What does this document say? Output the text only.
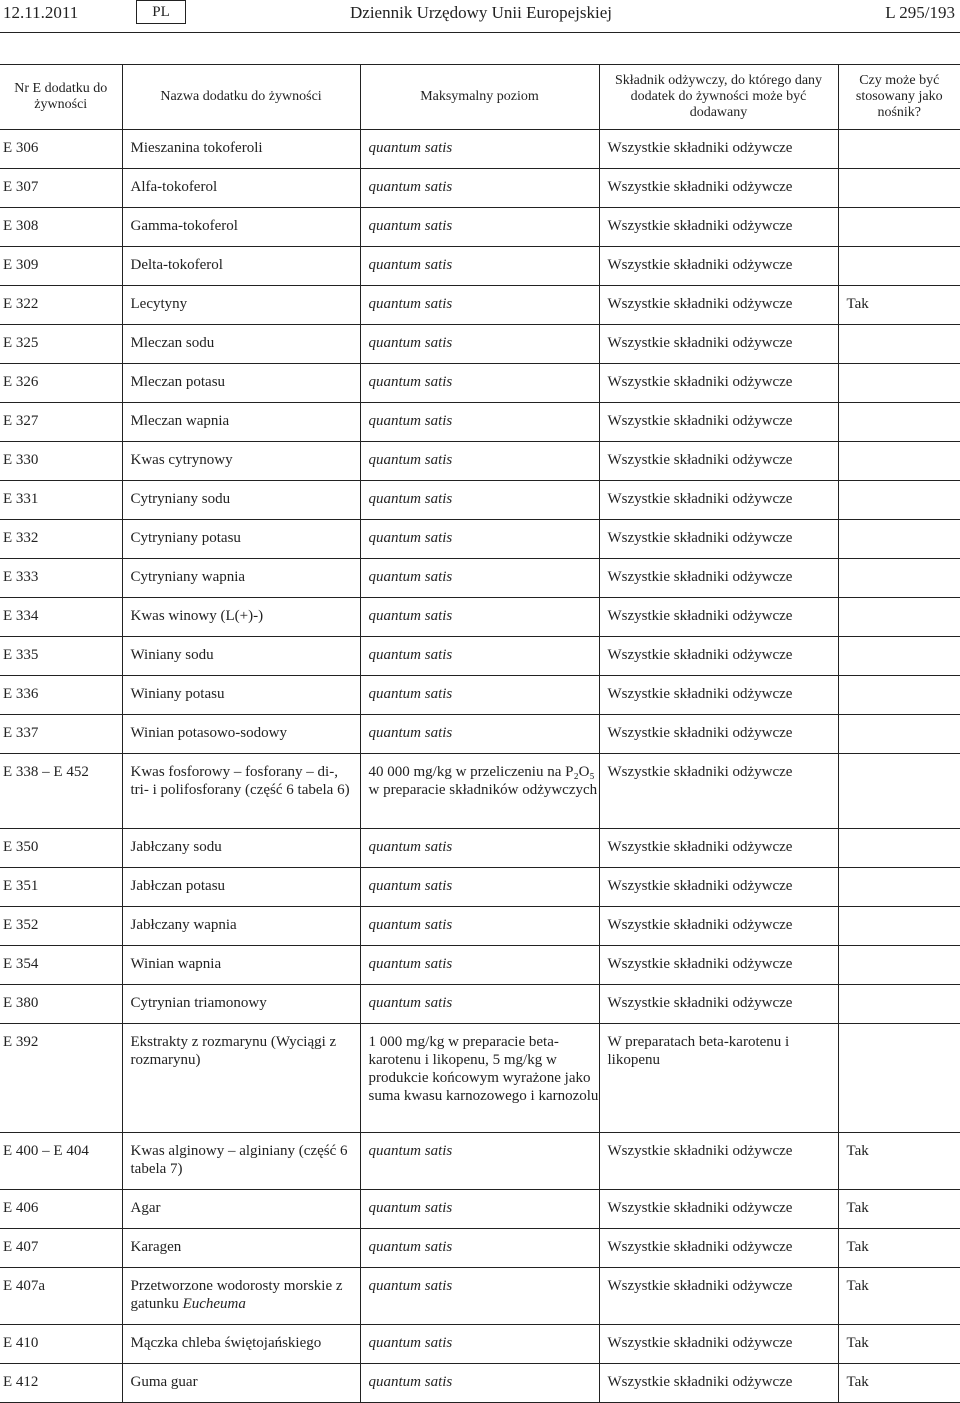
12.11.2011	PL	Dziennik Urzędowy Unii Europejskiej	L 295/193
Nr E dodatku do żywności	Nazwa dodatku do żywności	Maksymalny poziom	Składnik odżywczy, do którego dany dodatek do żywności może być dodawany	Czy może być stosowany jako nośnik?
E 306	Mieszanina tokoferoli	quantum satis	Wszystkie składniki odżywcze	
E 307	Alfa-tokoferol	quantum satis	Wszystkie składniki odżywcze	
E 308	Gamma-tokoferol	quantum satis	Wszystkie składniki odżywcze	
E 309	Delta-tokoferol	quantum satis	Wszystkie składniki odżywcze	
E 322	Lecytyny	quantum satis	Wszystkie składniki odżywcze	Tak
E 325	Mleczan sodu	quantum satis	Wszystkie składniki odżywcze	
E 326	Mleczan potasu	quantum satis	Wszystkie składniki odżywcze	
E 327	Mleczan wapnia	quantum satis	Wszystkie składniki odżywcze	
E 330	Kwas cytrynowy	quantum satis	Wszystkie składniki odżywcze	
E 331	Cytryniany sodu	quantum satis	Wszystkie składniki odżywcze	
E 332	Cytryniany potasu	quantum satis	Wszystkie składniki odżywcze	
E 333	Cytryniany wapnia	quantum satis	Wszystkie składniki odżywcze	
E 334	Kwas winowy (L(+)-)	quantum satis	Wszystkie składniki odżywcze	
E 335	Winiany sodu	quantum satis	Wszystkie składniki odżywcze	
E 336	Winiany potasu	quantum satis	Wszystkie składniki odżywcze	
E 337	Winian potasowo-sodowy	quantum satis	Wszystkie składniki odżywcze	
E 338 – E 452	Kwas fosforowy – fosforany – di-, tri- i polifosforany (część 6 tabela 6)	40 000 mg/kg w przeliczeniu na P₂O₅ w preparacie składników odżywczych	Wszystkie składniki odżywcze	
E 350	Jabłczany sodu	quantum satis	Wszystkie składniki odżywcze	
E 351	Jabłczan potasu	quantum satis	Wszystkie składniki odżywcze	
E 352	Jabłczany wapnia	quantum satis	Wszystkie składniki odżywcze	
E 354	Winian wapnia	quantum satis	Wszystkie składniki odżywcze	
E 380	Cytrynian triamonowy	quantum satis	Wszystkie składniki odżywcze	
E 392	Ekstrakty z rozmarynu (Wyciągi z rozmarynu)	1 000 mg/kg w preparacie beta-karotenu i likopenu, 5 mg/kg w produkcie końcowym wyrażone jako suma kwasu karnozowego i karnozolu	W preparatach beta-karotenu i likopenu	
E 400 – E 404	Kwas alginowy – alginiany (część 6 tabela 7)	quantum satis	Wszystkie składniki odżywcze	Tak
E 406	Agar	quantum satis	Wszystkie składniki odżywcze	Tak
E 407	Karagen	quantum satis	Wszystkie składniki odżywcze	Tak
E 407a	Przetworzone wodorosty morskie z gatunku Eucheuma	quantum satis	Wszystkie składniki odżywcze	Tak
E 410	Mączka chleba świętojańskiego	quantum satis	Wszystkie składniki odżywcze	Tak
E 412	Guma guar	quantum satis	Wszystkie składniki odżywcze	Tak
